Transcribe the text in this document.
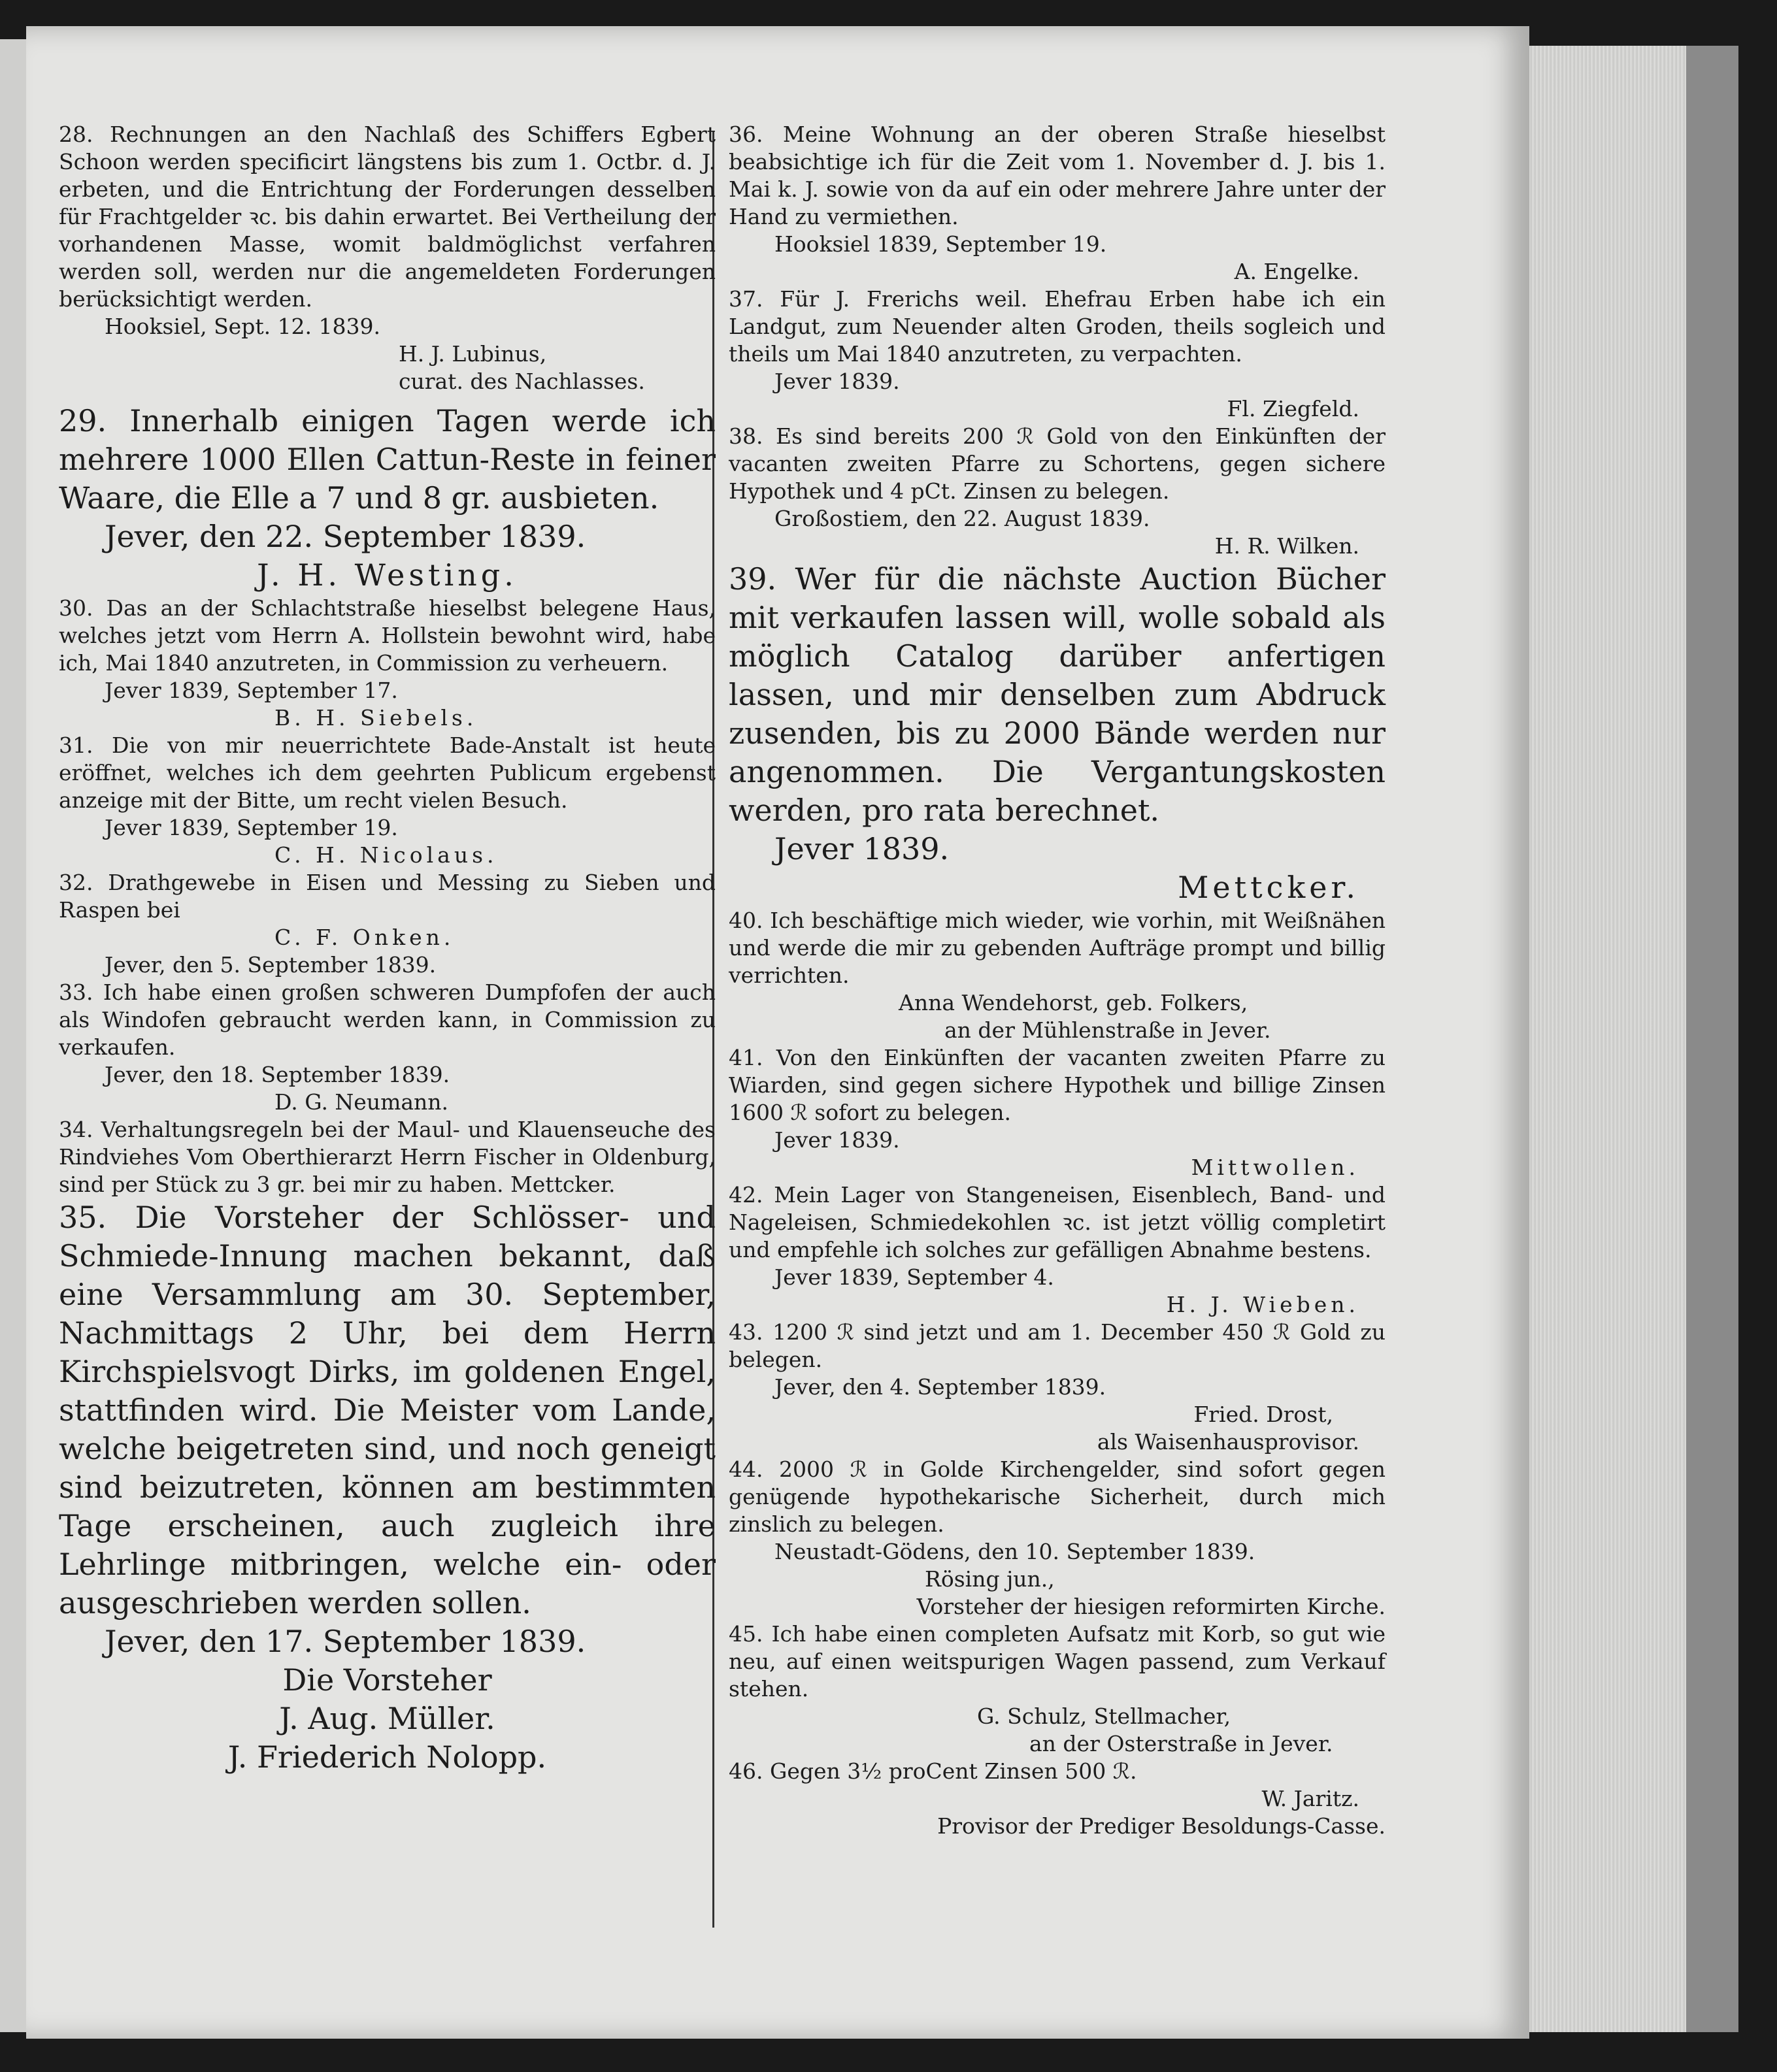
28. Rechnungen an den Nachlaß des Schiffers Egbert Schoon werden specificirt längstens bis zum 1. Octbr. d. J. erbeten, und die Entrichtung der Forderungen desselben für Frachtgelder ꝛc. bis dahin erwartet. Bei Vertheilung der vorhandenen Masse, womit baldmöglichst verfahren werden soll, werden nur die angemeldeten Forderungen berücksichtigt werden.

Hooksiel, Sept. 12. 1839.

H. J. Lubinus,

curat. des Nachlasses.

29. Innerhalb einigen Tagen werde ich mehrere 1000 Ellen Cattun-Reste in feiner Waare, die Elle a 7 und 8 gr. ausbieten.

Jever, den 22. September 1839.

J. H. Westing.

30. Das an der Schlachtstraße hieselbst belegene Haus, welches jetzt vom Herrn A. Hollstein bewohnt wird, habe ich, Mai 1840 anzutreten, in Commission zu verheuern.

Jever 1839, September 17.

B. H. Siebels.

31. Die von mir neuerrichtete Bade-Anstalt ist heute eröffnet, welches ich dem geehrten Publicum ergebenst anzeige mit der Bitte, um recht vielen Besuch.

Jever 1839, September 19.

C. H. Nicolaus.

32. Drathgewebe in Eisen und Messing zu Sieben und Raspen bei

C. F. Onken.

Jever, den 5. September 1839.

33. Ich habe einen großen schweren Dumpfofen der auch als Windofen gebraucht werden kann, in Commission zu verkaufen.

Jever, den 18. September 1839.

D. G. Neumann.

34. Verhaltungsregeln bei der Maul- und Klauenseuche des Rindviehes Vom Oberthierarzt Herrn Fischer in Oldenburg, sind per Stück zu 3 gr. bei mir zu haben. Mettcker.

35. Die Vorsteher der Schlösser- und Schmiede-Innung machen bekannt, daß eine Versammlung am 30. September, Nachmittags 2 Uhr, bei dem Herrn Kirchspielsvogt Dirks, im goldenen Engel, stattfinden wird. Die Meister vom Lande, welche beigetreten sind, und noch geneigt sind beizutreten, können am bestimmten Tage erscheinen, auch zugleich ihre Lehrlinge mitbringen, welche ein- oder ausgeschrieben werden sollen.

Jever, den 17. September 1839.

Die Vorsteher

J. Aug. Müller.

J. Friederich Nolopp.

36. Meine Wohnung an der oberen Straße hieselbst beabsichtige ich für die Zeit vom 1. November d. J. bis 1. Mai k. J. sowie von da auf ein oder mehrere Jahre unter der Hand zu vermiethen.

Hooksiel 1839, September 19.

A. Engelke.

37. Für J. Frerichs weil. Ehefrau Erben habe ich ein Landgut, zum Neuender alten Groden, theils sogleich und theils um Mai 1840 anzutreten, zu verpachten.

Jever 1839.

Fl. Ziegfeld.

38. Es sind bereits 200 ℛ Gold von den Einkünften der vacanten zweiten Pfarre zu Schortens, gegen sichere Hypothek und 4 pCt. Zinsen zu belegen.

Großostiem, den 22. August 1839.

H. R. Wilken.

39. Wer für die nächste Auction Bücher mit verkaufen lassen will, wolle sobald als möglich Catalog darüber anfertigen lassen, und mir denselben zum Abdruck zusenden, bis zu 2000 Bände werden nur angenommen. Die Vergantungskosten werden, pro rata berechnet.

Jever 1839.

Mettcker.

40. Ich beschäftige mich wieder, wie vorhin, mit Weißnähen und werde die mir zu gebenden Aufträge prompt und billig verrichten.

Anna Wendehorst, geb. Folkers,

an der Mühlenstraße in Jever.

41. Von den Einkünften der vacanten zweiten Pfarre zu Wiarden, sind gegen sichere Hypothek und billige Zinsen 1600 ℛ sofort zu belegen.

Jever 1839.

Mittwollen.

42. Mein Lager von Stangeneisen, Eisenblech, Band- und Nageleisen, Schmiedekohlen ꝛc. ist jetzt völlig completirt und empfehle ich solches zur gefälligen Abnahme bestens.

Jever 1839, September 4.

H. J. Wieben.

43. 1200 ℛ sind jetzt und am 1. December 450 ℛ Gold zu belegen.

Jever, den 4. September 1839.

Fried. Drost,

als Waisenhausprovisor.

44. 2000 ℛ in Golde Kirchengelder, sind sofort gegen genügende hypothekarische Sicherheit, durch mich zinslich zu belegen.

Neustadt-Gödens, den 10. September 1839.

Rösing jun.,

Vorsteher der hiesigen reformirten Kirche.

45. Ich habe einen completen Aufsatz mit Korb, so gut wie neu, auf einen weitspurigen Wagen passend, zum Verkauf stehen.

G. Schulz, Stellmacher,

an der Osterstraße in Jever.

46. Gegen 3½ proCent Zinsen 500 ℛ.

W. Jaritz.

Provisor der Prediger Besoldungs-Casse.
